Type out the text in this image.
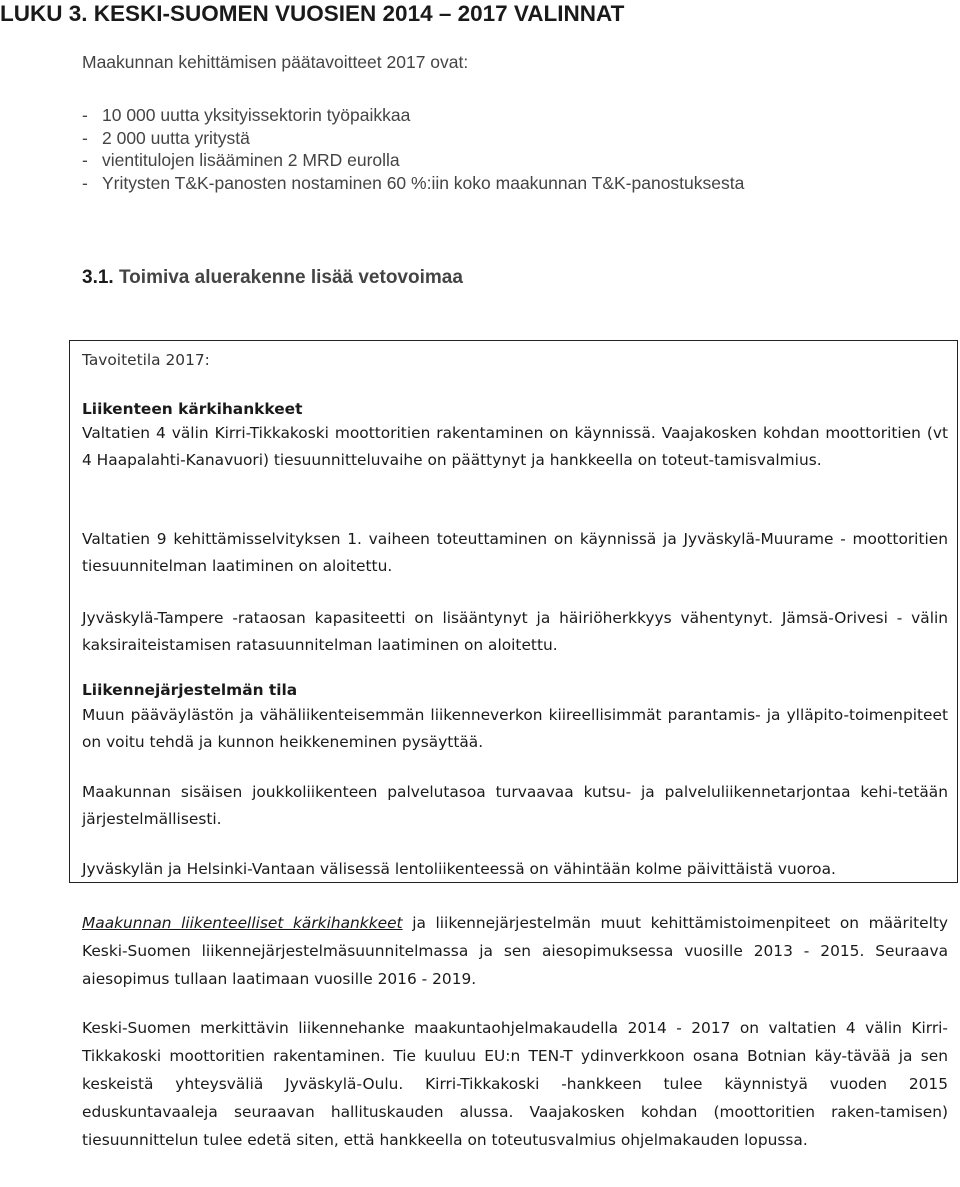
LUKU 3. KESKI-SUOMEN VUOSIEN 2014 – 2017 VALINNAT

Maakunnan kehittämisen päätavoitteet 2017 ovat:

- 10 000 uutta yksityissektorin työpaikkaa
- 2 000 uutta yritystä
- vientitulojen lisääminen 2 MRD eurolla
- Yritysten T&K-panosten nostaminen 60 %:iin koko maakunnan T&K-panostuksesta
3.1. Toimiva aluerakenne lisää vetovoimaa

Tavoitetila 2017:

Liikenteen kärkihankkeet

Valtatien 4 välin Kirri-Tikkakoski moottoritien rakentaminen on käynnissä. Vaajakosken kohdan moottoritien (vt 4 Haapalahti-Kanavuori) tiesuunnitteluvaihe on päättynyt ja hankkeella on toteut-tamisvalmius.

Valtatien 9 kehittämisselvityksen 1. vaiheen toteuttaminen on käynnissä ja Jyväskylä-Muurame - moottoritien tiesuunnitelman laatiminen on aloitettu.

Jyväskylä-Tampere -rataosan kapasiteetti on lisääntynyt ja häiriöherkkyys vähentynyt. Jämsä-Orivesi - välin kaksiraiteistamisen ratasuunnitelman laatiminen on aloitettu.

Liikennejärjestelmän tila

Muun pääväylästön ja vähäliikenteisemmän liikenneverkon kiireellisimmät parantamis- ja ylläpito-toimenpiteet on voitu tehdä ja kunnon heikkeneminen pysäyttää.

Maakunnan sisäisen joukkoliikenteen palvelutasoa turvaavaa kutsu- ja palveluliikennetarjontaa kehi-tetään järjestelmällisesti.

Jyväskylän ja Helsinki-Vantaan välisessä lentoliikenteessä on vähintään kolme päivittäistä vuoroa.

Maakunnan liikenteelliset kärkihankkeet ja liikennejärjestelmän muut kehittämistoimenpiteet on määritelty Keski-Suomen liikennejärjestelmäsuunnitelmassa ja sen aiesopimuksessa vuosille 2013 - 2015. Seuraava aiesopimus tullaan laatimaan vuosille 2016 - 2019.

Keski-Suomen merkittävin liikennehanke maakuntaohjelmakaudella 2014 - 2017 on valtatien 4 välin Kirri-Tikkakoski moottoritien rakentaminen. Tie kuuluu EU:n TEN-T ydinverkkoon osana Botnian käy-tävää ja sen keskeistä yhteysväliä Jyväskylä-Oulu. Kirri-Tikkakoski -hankkeen tulee käynnistyä vuoden 2015 eduskuntavaaleja seuraavan hallituskauden alussa. Vaajakosken kohdan (moottoritien raken-tamisen) tiesuunnittelun tulee edetä siten, että hankkeella on toteutusvalmius ohjelmakauden lopussa.
